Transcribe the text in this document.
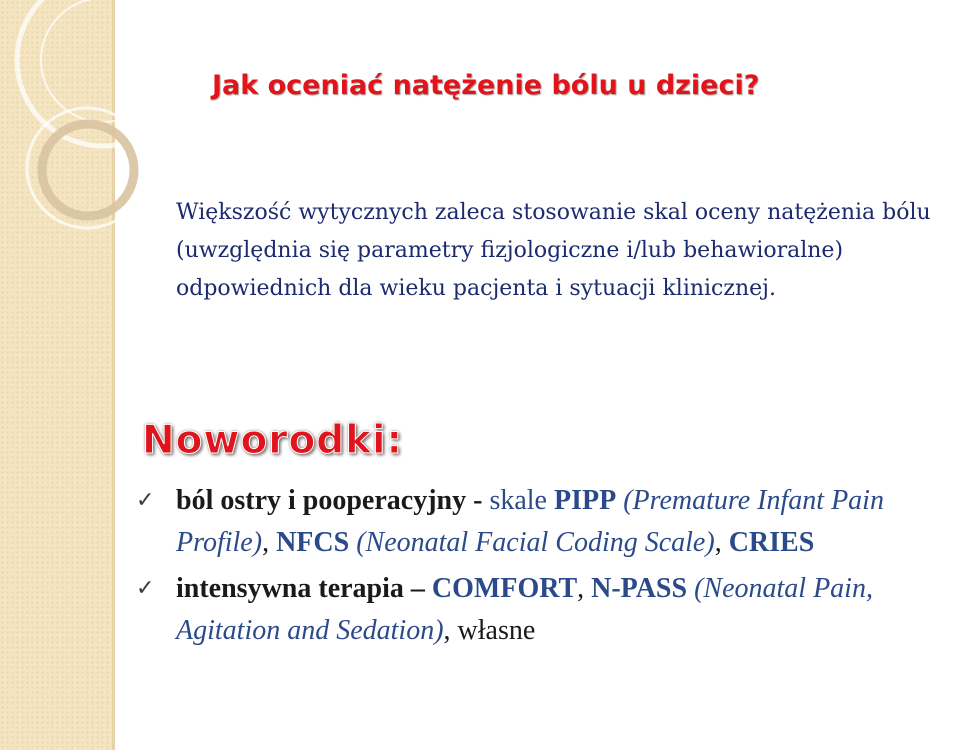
Jak oceniać natężenie bólu u dzieci?

Większość wytycznych zaleca stosowanie skal oceny natężenia bólu (uwzględnia się parametry fizjologiczne i/lub behawioralne) odpowiednich dla wieku pacjenta i sytuacji klinicznej.

Noworodki:
✓ ból ostry i pooperacyjny - skale PIPP (Premature Infant Pain Profile), NFCS (Neonatal Facial Coding Scale), CRIES
✓ intensywna terapia – COMFORT, N-PASS (Neonatal Pain, Agitation and Sedation), własne
